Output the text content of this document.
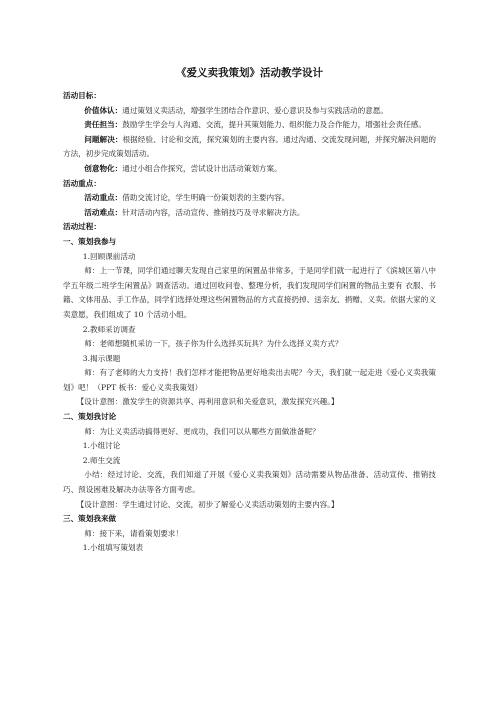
《爱义卖我策划》活动教学设计

活动目标：

价值体认：通过策划义卖活动，增强学生团结合作意识、爱心意识及参与实践活动的意愿。

责任担当：鼓励学生学会与人沟通、交流，提升其策划能力、组织能力及合作能力，增强社会责任感。

问题解决：根据经验、讨论和交流，探究策划的主要内容。通过沟通、交流发现问题，并探究解决问题的方法，初步完成策划活动。

创意物化：通过小组合作探究，尝试设计出活动策划方案。

活动重点：

活动重点：借助交流讨论，学生明确一份策划表的主要内容。

活动难点：针对活动内容，活动宣传、推销技巧及寻求解决方法。

活动过程：

一、策划我参与

1.回顾课前活动

师：上一节课，同学们通过聊天发现自己家里的闲置品非常多，于是同学们就一起进行了《滨城区第八中学五年级二班学生闲置品》调查活动。通过回收问卷、整理分析，我们发现同学们闲置的物品主要有 衣服、书籍、文体用品、手工作品，同学们选择处理这些闲置物品的方式直接扔掉、送亲友、捐赠、义卖。依据大家的义卖意愿，我们组成了 10 个活动小组。

2.教师采访调查

师：老师想随机采访一下，孩子你为什么选择买玩具？为什么选择义卖方式？

3.揭示课题

师：有了老师的大力支持！我们怎样才能把物品更好地卖出去呢？今天，我们就一起走进《爱心义卖我策划》吧！（PPT 板书：爱心义卖我策划）

【设计意图：激发学生的资源共享、再利用意识和关爱意识，激发探究兴趣。】

二、策划我讨论

师：为让义卖活动搞得更好、更成功，我们可以从哪些方面做准备呢？

1.小组讨论

2.师生交流

小结：经过讨论、交流，我们知道了开展《爱心义卖我策划》活动需要从物品准备、活动宣传、推销技巧、预设困难及解决办法等各方面考虑。

【设计意图：学生通过讨论、交流，初步了解爱心义卖活动策划的主要内容。】

三、策划我来做

师：接下来，请看策划要求！

1.小组填写策划表
